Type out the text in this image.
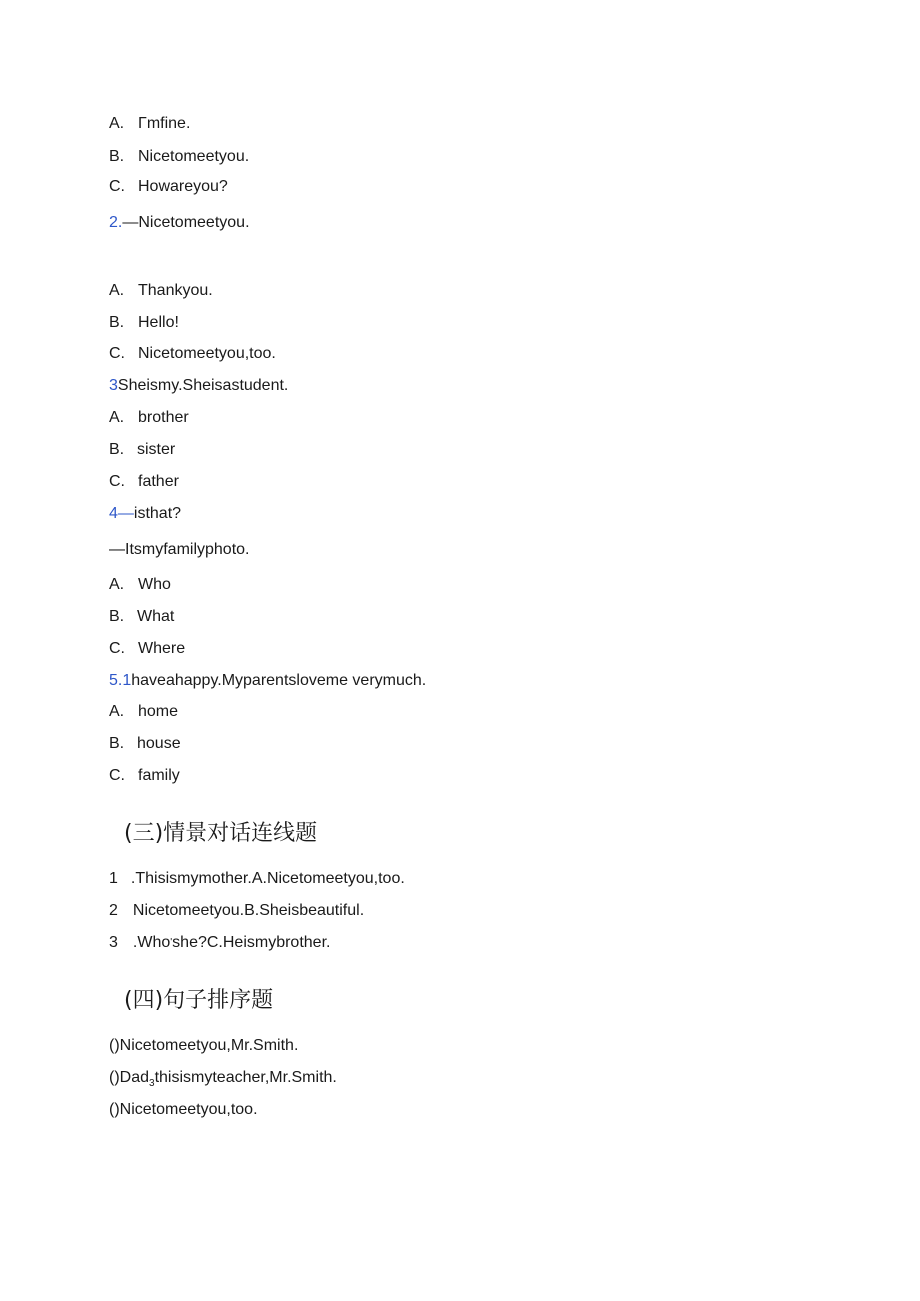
A. Γmfine.
B. Nicetomeetyou.
C. Howareyou?
2.—Nicetomeetyou.
A. Thankyou.
B. Hello!
C. Nicetomeetyou,too.
3Sheismy.Sheisastudent.
A. brother
B. sister
C. father
4—isthat?
—Itsmyfamilyphoto.
A. Who
B. What
C. Where
5.1haveahappy.Myparentsloveme verymuch.
A. home
B. house
C. family
(三)情景对话连线题
1 .Thisismymother.A.Nicetomeetyou,too.
2 Nicetomeetyou.B.Sheisbeautiful.
3 .Who'she?C.Heismybrother.
(四)句子排序题
()Nicetomeetyou,Mr.Smith.
()Dad$_3$thisismyteacher,Mr.Smith.
()Nicetomeetyou,too.
